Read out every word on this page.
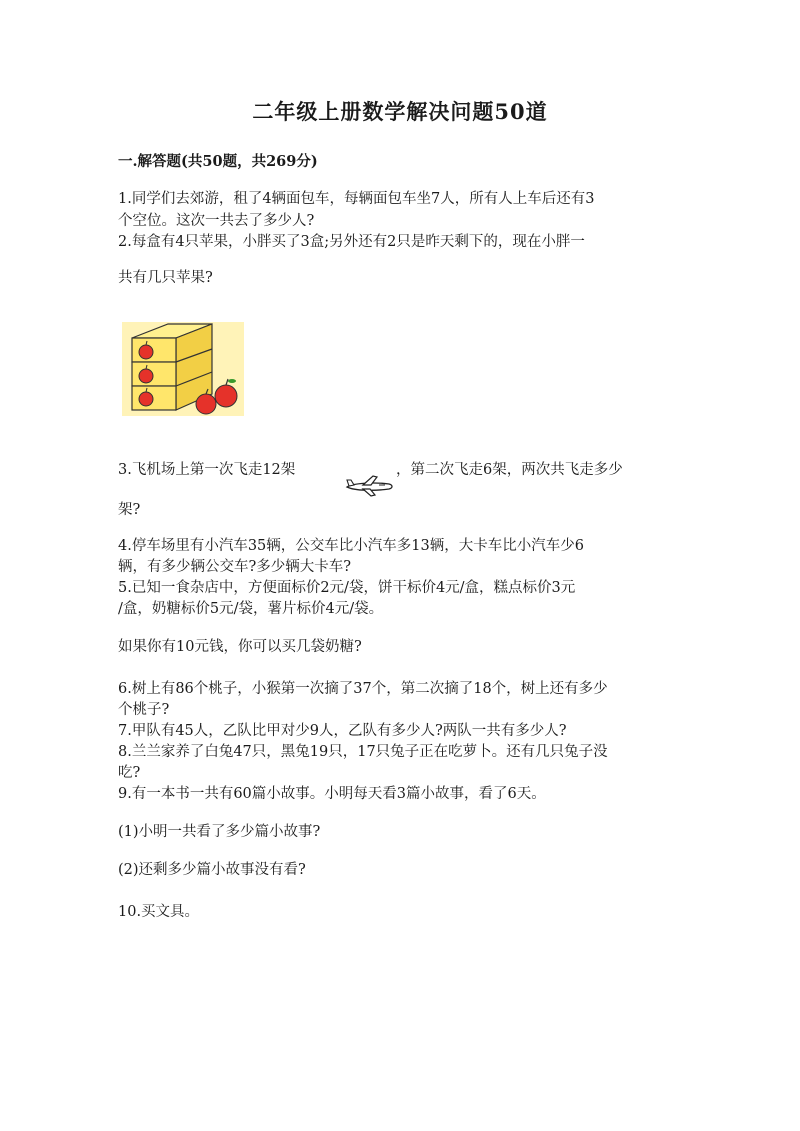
二年级上册数学解决问题50道

一.解答题(共50题，共269分)

1.同学们去郊游，租了4辆面包车，每辆面包车坐7人，所有人上车后还有3

个空位。这次一共去了多少人?

2.每盒有4只苹果，小胖买了3盒;另外还有2只是昨天剩下的，现在小胖一

共有几只苹果?

3.飞机场上第一次飞走12架	，第二次飞走6架，两次共飞走多少

架?

4.停车场里有小汽车35辆，公交车比小汽车多13辆，大卡车比小汽车少6

辆，有多少辆公交车?多少辆大卡车?

5.已知一食杂店中，方便面标价2元/袋，饼干标价4元/盒，糕点标价3元

/盒，奶糖标价5元/袋，薯片标价4元/袋。

如果你有10元钱，你可以买几袋奶糖?

6.树上有86个桃子，小猴第一次摘了37个，第二次摘了18个，树上还有多少

个桃子?

7.甲队有45人，乙队比甲对少9人，乙队有多少人?两队一共有多少人?

8.兰兰家养了白兔47只，黑兔19只，17只兔子正在吃萝卜。还有几只兔子没

吃?

9.有一本书一共有60篇小故事。小明每天看3篇小故事，看了6天。

(1)小明一共看了多少篇小故事?

(2)还剩多少篇小故事没有看?

10.买文具。
